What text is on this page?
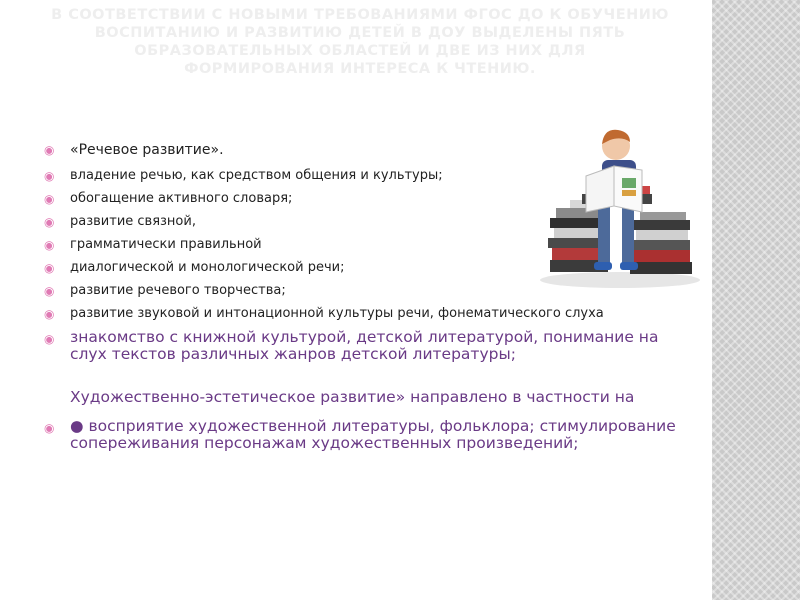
В СООТВЕТСТВИИ С НОВЫМИ ТРЕБОВАНИЯМИ ФГОС ДО К ОБУЧЕНИЮ
ВОСПИТАНИЮ И РАЗВИТИЮ ДЕТЕЙ В ДОУ ВЫДЕЛЕНЫ ПЯТЬ
ОБРАЗОВАТЕЛЬНЫХ ОБЛАСТЕЙ И ДВЕ ИЗ НИХ ДЛЯ
ФОРМИРОВАНИЯ ИНТЕРЕСА К ЧТЕНИЮ.
◉ «Речевое развитие».
◉ владение речью, как средством общения и культуры;
◉ обогащение активного словаря;
◉ развитие связной,
◉ грамматически правильной
◉ диалогической и монологической речи;
◉ развитие речевого творчества;
◉ развитие звуковой и интонационной культуры речи, фонематического слуха
◉ знакомство с книжной культурой, детской литературой, понимание на слух текстов различных жанров детской литературы;
Художественно-эстетическое развитие» направлено в частности на
◉ ● восприятие художественной литературы, фольклора; стимулирование сопереживания персонажам художественных произведений;
